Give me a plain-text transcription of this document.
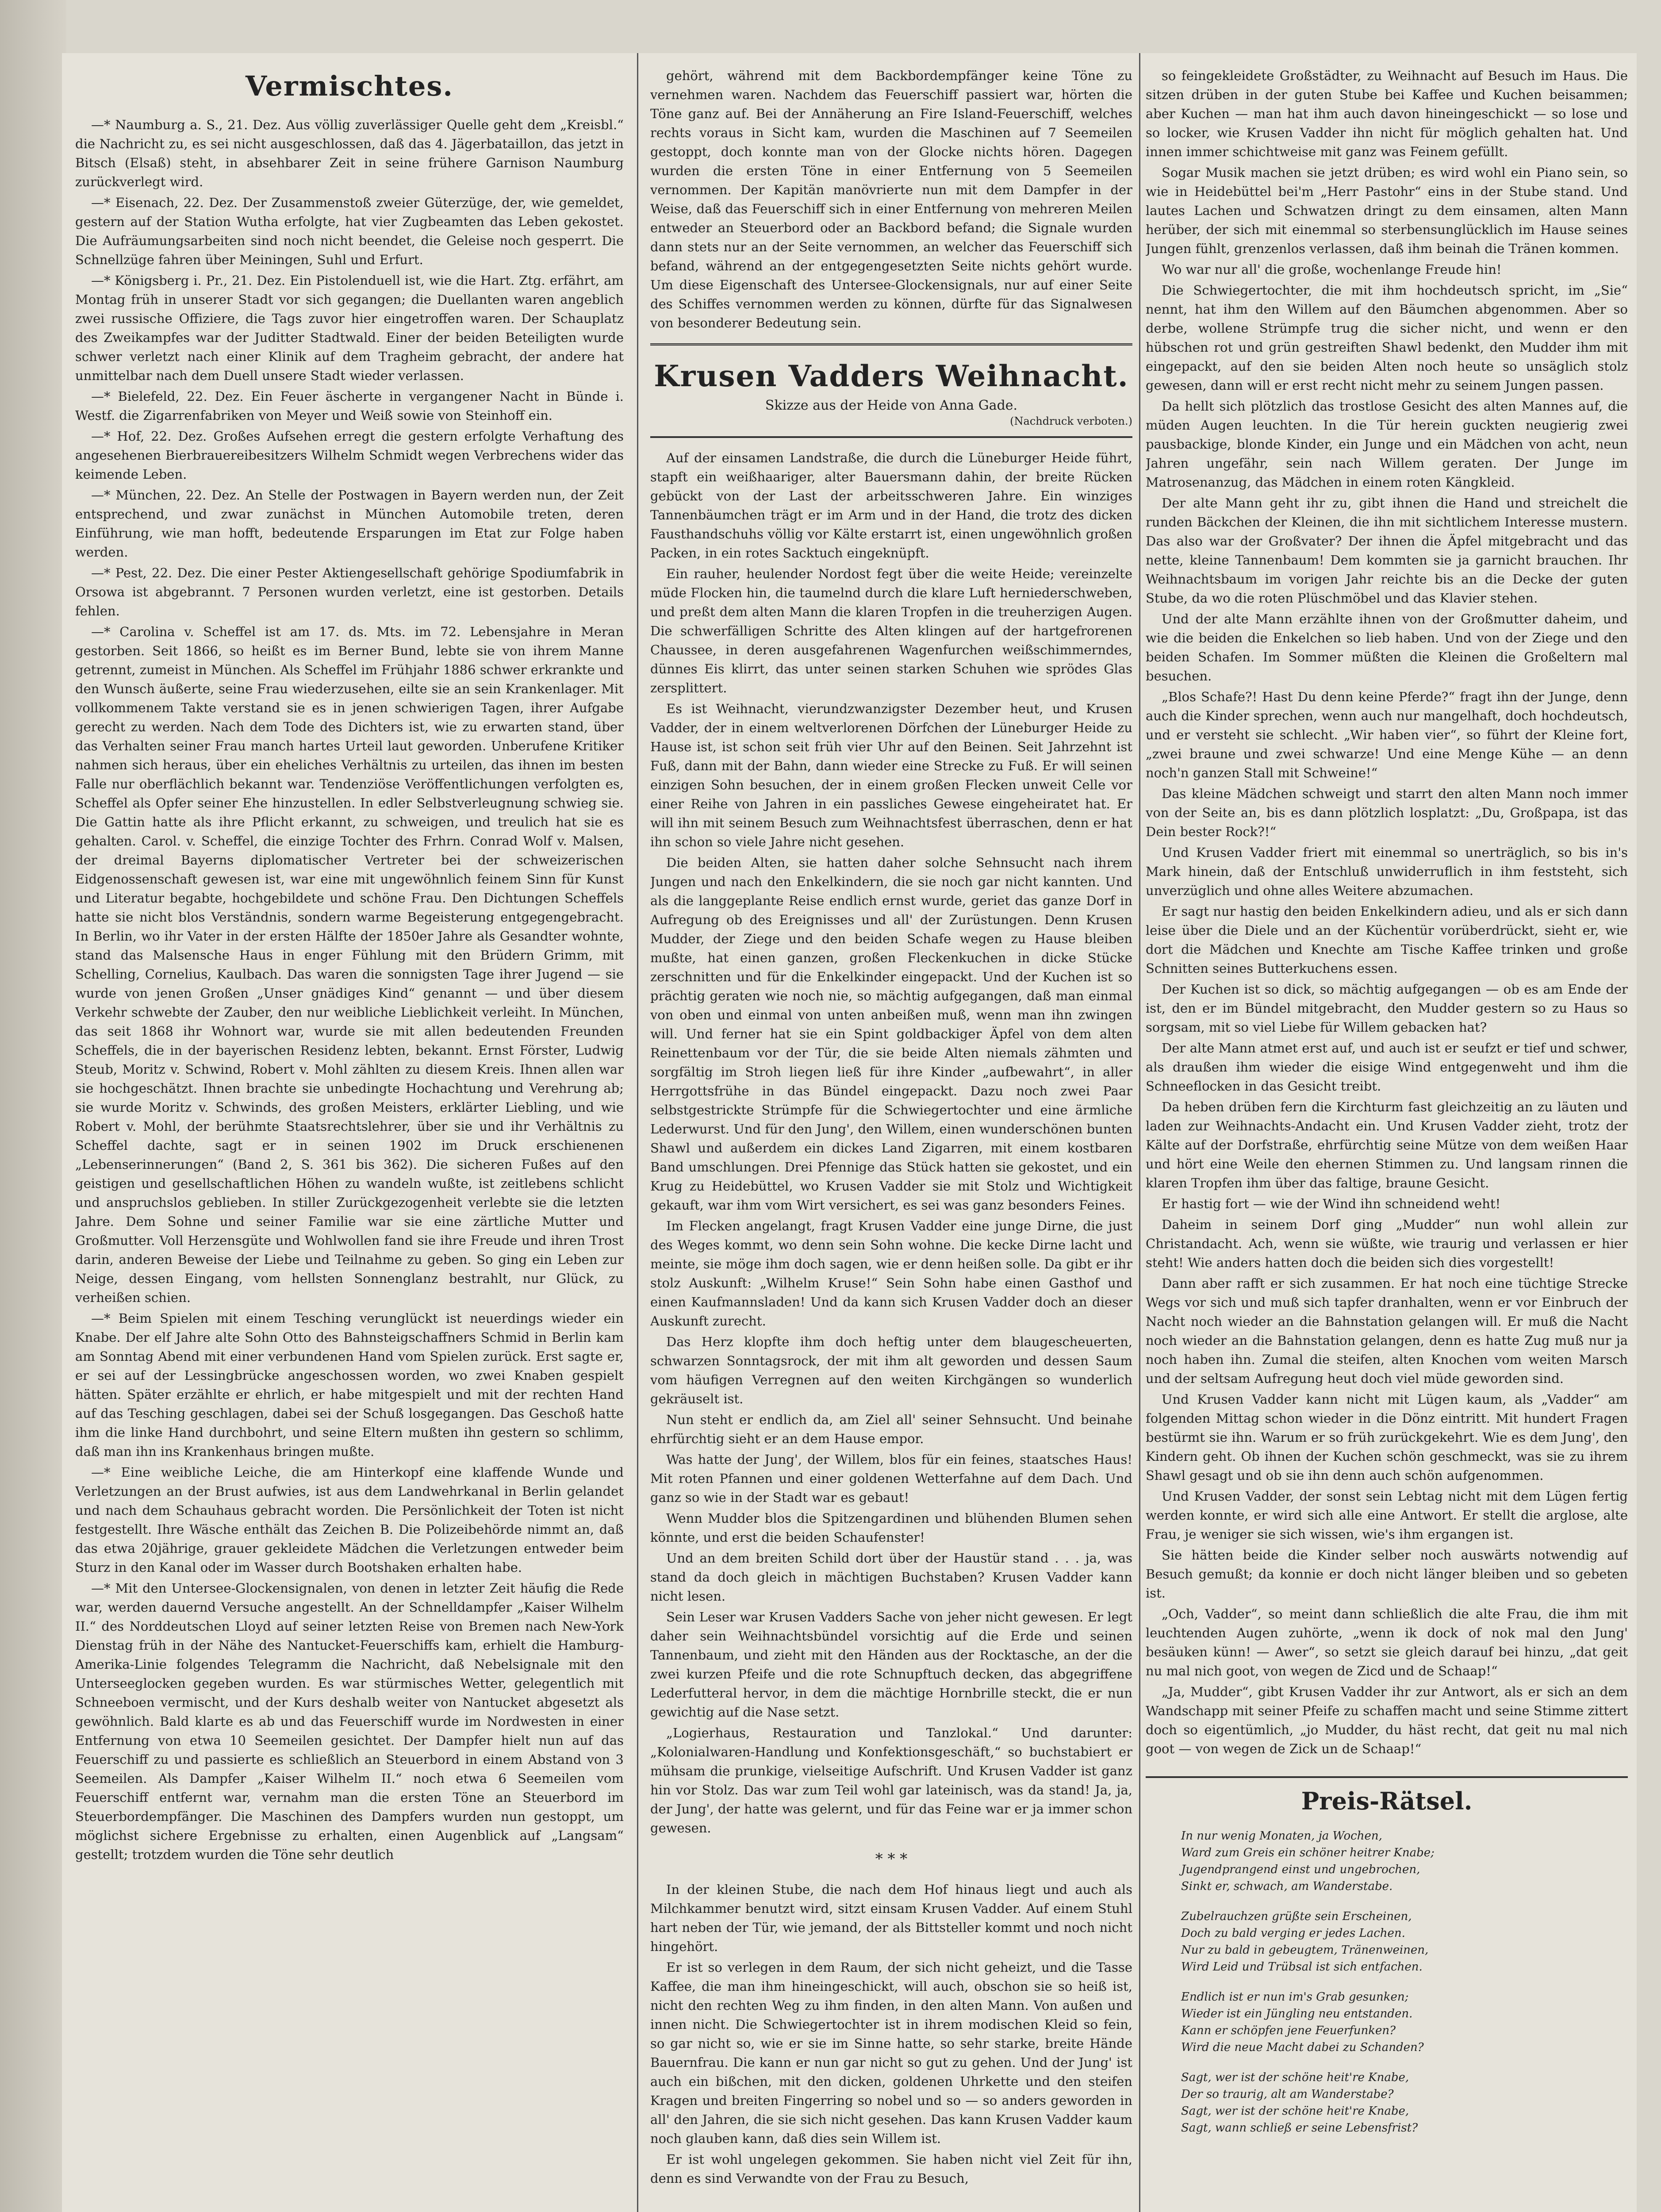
Vermischtes.

—* Naumburg a. S., 21. Dez. Aus völlig zuverlässiger Quelle geht dem „Kreisbl.“ die Nachricht zu, es sei nicht ausgeschlossen, daß das 4. Jägerbataillon, das jetzt in Bitsch (Elsaß) steht, in absehbarer Zeit in seine frühere Garnison Naumburg zurückverlegt wird.

—* Eisenach, 22. Dez. Der Zusammenstoß zweier Güterzüge, der, wie gemeldet, gestern auf der Station Wutha erfolgte, hat vier Zugbeamten das Leben gekostet. Die Aufräumungsarbeiten sind noch nicht beendet, die Geleise noch gesperrt. Die Schnellzüge fahren über Meiningen, Suhl und Erfurt.

—* Königsberg i. Pr., 21. Dez. Ein Pistolenduell ist, wie die Hart. Ztg. erfährt, am Montag früh in unserer Stadt vor sich gegangen; die Duellanten waren angeblich zwei russische Offiziere, die Tags zuvor hier eingetroffen waren. Der Schauplatz des Zweikampfes war der Juditter Stadtwald. Einer der beiden Beteiligten wurde schwer verletzt nach einer Klinik auf dem Tragheim gebracht, der andere hat unmittelbar nach dem Duell unsere Stadt wieder verlassen.

—* Bielefeld, 22. Dez. Ein Feuer äscherte in vergangener Nacht in Bünde i. Westf. die Zigarrenfabriken von Meyer und Weiß sowie von Steinhoff ein.

—* Hof, 22. Dez. Großes Aufsehen erregt die gestern erfolgte Verhaftung des angesehenen Bierbrauereibesitzers Wilhelm Schmidt wegen Verbrechens wider das keimende Leben.

—* München, 22. Dez. An Stelle der Postwagen in Bayern werden nun, der Zeit entsprechend, und zwar zunächst in München Automobile treten, deren Einführung, wie man hofft, bedeutende Ersparungen im Etat zur Folge haben werden.

—* Pest, 22. Dez. Die einer Pester Aktiengesellschaft gehörige Spodiumfabrik in Orsowa ist abgebrannt. 7 Personen wurden verletzt, eine ist gestorben. Details fehlen.

—* Carolina v. Scheffel ist am 17. ds. Mts. im 72. Lebensjahre in Meran gestorben. Seit 1866, so heißt es im Berner Bund, lebte sie von ihrem Manne getrennt, zumeist in München. Als Scheffel im Frühjahr 1886 schwer erkrankte und den Wunsch äußerte, seine Frau wiederzusehen, eilte sie an sein Krankenlager. Mit vollkommenem Takte verstand sie es in jenen schwierigen Tagen, ihrer Aufgabe gerecht zu werden. Nach dem Tode des Dichters ist, wie zu erwarten stand, über das Verhalten seiner Frau manch hartes Urteil laut geworden. Unberufene Kritiker nahmen sich heraus, über ein eheliches Verhältnis zu urteilen, das ihnen im besten Falle nur oberflächlich bekannt war. Tendenziöse Veröffentlichungen verfolgten es, Scheffel als Opfer seiner Ehe hinzustellen. In edler Selbstverleugnung schwieg sie. Die Gattin hatte als ihre Pflicht erkannt, zu schweigen, und treulich hat sie es gehalten. Carol. v. Scheffel, die einzige Tochter des Frhrn. Conrad Wolf v. Malsen, der dreimal Bayerns diplomatischer Vertreter bei der schweizerischen Eidgenossenschaft gewesen ist, war eine mit ungewöhnlich feinem Sinn für Kunst und Literatur begabte, hochgebildete und schöne Frau. Den Dichtungen Scheffels hatte sie nicht blos Verständnis, sondern warme Begeisterung entgegengebracht. In Berlin, wo ihr Vater in der ersten Hälfte der 1850er Jahre als Gesandter wohnte, stand das Malsensche Haus in enger Fühlung mit den Brüdern Grimm, mit Schelling, Cornelius, Kaulbach. Das waren die sonnigsten Tage ihrer Jugend — sie wurde von jenen Großen „Unser gnädiges Kind“ genannt — und über diesem Verkehr schwebte der Zauber, den nur weibliche Lieblichkeit verleiht. In München, das seit 1868 ihr Wohnort war, wurde sie mit allen bedeutenden Freunden Scheffels, die in der bayerischen Residenz lebten, bekannt. Ernst Förster, Ludwig Steub, Moritz v. Schwind, Robert v. Mohl zählten zu diesem Kreis. Ihnen allen war sie hochgeschätzt. Ihnen brachte sie unbedingte Hochachtung und Verehrung ab; sie wurde Moritz v. Schwinds, des großen Meisters, erklärter Liebling, und wie Robert v. Mohl, der berühmte Staatsrechtslehrer, über sie und ihr Verhältnis zu Scheffel dachte, sagt er in seinen 1902 im Druck erschienenen „Lebenserinnerungen“ (Band 2, S. 361 bis 362). Die sicheren Fußes auf den geistigen und gesellschaftlichen Höhen zu wandeln wußte, ist zeitlebens schlicht und anspruchslos geblieben. In stiller Zurückgezogenheit verlebte sie die letzten Jahre. Dem Sohne und seiner Familie war sie eine zärtliche Mutter und Großmutter. Voll Herzensgüte und Wohlwollen fand sie ihre Freude und ihren Trost darin, anderen Beweise der Liebe und Teilnahme zu geben. So ging ein Leben zur Neige, dessen Eingang, vom hellsten Sonnenglanz bestrahlt, nur Glück, zu verheißen schien.

—* Beim Spielen mit einem Tesching verunglückt ist neuerdings wieder ein Knabe. Der elf Jahre alte Sohn Otto des Bahnsteigschaffners Schmid in Berlin kam am Sonntag Abend mit einer verbundenen Hand vom Spielen zurück. Erst sagte er, er sei auf der Lessingbrücke angeschossen worden, wo zwei Knaben gespielt hätten. Später erzählte er ehrlich, er habe mitgespielt und mit der rechten Hand auf das Tesching geschlagen, dabei sei der Schuß losgegangen. Das Geschoß hatte ihm die linke Hand durchbohrt, und seine Eltern mußten ihn gestern so schlimm, daß man ihn ins Krankenhaus bringen mußte.

—* Eine weibliche Leiche, die am Hinterkopf eine klaffende Wunde und Verletzungen an der Brust aufwies, ist aus dem Landwehrkanal in Berlin gelandet und nach dem Schauhaus gebracht worden. Die Persönlichkeit der Toten ist nicht festgestellt. Ihre Wäsche enthält das Zeichen B. Die Polizeibehörde nimmt an, daß das etwa 20jährige, grauer gekleidete Mädchen die Verletzungen entweder beim Sturz in den Kanal oder im Wasser durch Bootshaken erhalten habe.

—* Mit den Untersee-Glockensignalen, von denen in letzter Zeit häufig die Rede war, werden dauernd Versuche angestellt. An der Schnelldampfer „Kaiser Wilhelm II.“ des Norddeutschen Lloyd auf seiner letzten Reise von Bremen nach New-York Dienstag früh in der Nähe des Nantucket-Feuerschiffs kam, erhielt die Hamburg-Amerika-Linie folgendes Telegramm die Nachricht, daß Nebelsignale mit den Unterseeglocken gegeben wurden. Es war stürmisches Wetter, gelegentlich mit Schneeboen vermischt, und der Kurs deshalb weiter von Nantucket abgesetzt als gewöhnlich. Bald klarte es ab und das Feuerschiff wurde im Nordwesten in einer Entfernung von etwa 10 Seemeilen gesichtet. Der Dampfer hielt nun auf das Feuerschiff zu und passierte es schließlich an Steuerbord in einem Abstand von 3 Seemeilen. Als Dampfer „Kaiser Wilhelm II.“ noch etwa 6 Seemeilen vom Feuerschiff entfernt war, vernahm man die ersten Töne an Steuerbord im Steuerbordempfänger. Die Maschinen des Dampfers wurden nun gestoppt, um möglichst sichere Ergebnisse zu erhalten, einen Augenblick auf „Langsam“ gestellt; trotzdem wurden die Töne sehr deutlich

gehört, während mit dem Backbordempfänger keine Töne zu vernehmen waren. Nachdem das Feuerschiff passiert war, hörten die Töne ganz auf. Bei der Annäherung an Fire Island-Feuerschiff, welches rechts voraus in Sicht kam, wurden die Maschinen auf 7 Seemeilen gestoppt, doch konnte man von der Glocke nichts hören. Dagegen wurden die ersten Töne in einer Entfernung von 5 Seemeilen vernommen. Der Kapitän manövrierte nun mit dem Dampfer in der Weise, daß das Feuerschiff sich in einer Entfernung von mehreren Meilen entweder an Steuerbord oder an Backbord befand; die Signale wurden dann stets nur an der Seite vernommen, an welcher das Feuerschiff sich befand, während an der entgegengesetzten Seite nichts gehört wurde. Um diese Eigenschaft des Untersee-Glockensignals, nur auf einer Seite des Schiffes vernommen werden zu können, dürfte für das Signalwesen von besonderer Bedeutung sein.

Krusen Vadders Weihnacht.
Skizze aus der Heide von Anna Gade.
(Nachdruck verboten.)

Auf der einsamen Landstraße, die durch die Lüneburger Heide führt, stapft ein weißhaariger, alter Bauersmann dahin, der breite Rücken gebückt von der Last der arbeitsschweren Jahre. Ein winziges Tannenbäumchen trägt er im Arm und in der Hand, die trotz des dicken Fausthandschuhs völlig vor Kälte erstarrt ist, einen ungewöhnlich großen Packen, in ein rotes Sacktuch eingeknüpft.

Ein rauher, heulender Nordost fegt über die weite Heide; vereinzelte müde Flocken hin, die taumelnd durch die klare Luft herniederschweben, und preßt dem alten Mann die klaren Tropfen in die treuherzigen Augen. Die schwerfälligen Schritte des Alten klingen auf der hartgefrorenen Chaussee, in deren ausgefahrenen Wagenfurchen weißschimmerndes, dünnes Eis klirrt, das unter seinen starken Schuhen wie sprödes Glas zersplittert.

Es ist Weihnacht, vierundzwanzigster Dezember heut, und Krusen Vadder, der in einem weltverlorenen Dörfchen der Lüneburger Heide zu Hause ist, ist schon seit früh vier Uhr auf den Beinen. Seit Jahrzehnt ist Fuß, dann mit der Bahn, dann wieder eine Strecke zu Fuß. Er will seinen einzigen Sohn besuchen, der in einem großen Flecken unweit Celle vor einer Reihe von Jahren in ein passliches Gewese eingeheiratet hat. Er will ihn mit seinem Besuch zum Weihnachtsfest überraschen, denn er hat ihn schon so viele Jahre nicht gesehen.

Die beiden Alten, sie hatten daher solche Sehnsucht nach ihrem Jungen und nach den Enkelkindern, die sie noch gar nicht kannten. Und als die langgeplante Reise endlich ernst wurde, geriet das ganze Dorf in Aufregung ob des Ereignisses und all' der Zurüstungen. Denn Krusen Mudder, der Ziege und den beiden Schafe wegen zu Hause bleiben mußte, hat einen ganzen, großen Fleckenkuchen in dicke Stücke zerschnitten und für die Enkelkinder eingepackt. Und der Kuchen ist so prächtig geraten wie noch nie, so mächtig aufgegangen, daß man einmal von oben und einmal von unten anbeißen muß, wenn man ihn zwingen will. Und ferner hat sie ein Spint goldbackiger Äpfel von dem alten Reinettenbaum vor der Tür, die sie beide Alten niemals zähmten und sorgfältig im Stroh liegen ließ für ihre Kinder „aufbewahrt“, in aller Herrgottsfrühe in das Bündel eingepackt. Dazu noch zwei Paar selbstgestrickte Strümpfe für die Schwiegertochter und eine ärmliche Lederwurst. Und für den Jung', den Willem, einen wunderschönen bunten Shawl und außerdem ein dickes Land Zigarren, mit einem kostbaren Band umschlungen. Drei Pfennige das Stück hatten sie gekostet, und ein Krug zu Heidebüttel, wo Krusen Vadder sie mit Stolz und Wichtigkeit gekauft, war ihm vom Wirt versichert, es sei was ganz besonders Feines.

Im Flecken angelangt, fragt Krusen Vadder eine junge Dirne, die just des Weges kommt, wo denn sein Sohn wohne. Die kecke Dirne lacht und meinte, sie möge ihm doch sagen, wie er denn heißen solle. Da gibt er ihr stolz Auskunft: „Wilhelm Kruse!“ Sein Sohn habe einen Gasthof und einen Kaufmannsladen! Und da kann sich Krusen Vadder doch an dieser Auskunft zurecht.

Das Herz klopfte ihm doch heftig unter dem blaugescheuerten, schwarzen Sonntagsrock, der mit ihm alt geworden und dessen Saum vom häufigen Verregnen auf den weiten Kirchgängen so wunderlich gekräuselt ist.

Nun steht er endlich da, am Ziel all' seiner Sehnsucht. Und beinahe ehrfürchtig sieht er an dem Hause empor.

Was hatte der Jung', der Willem, blos für ein feines, staatsches Haus! Mit roten Pfannen und einer goldenen Wetterfahne auf dem Dach. Und ganz so wie in der Stadt war es gebaut!

Wenn Mudder blos die Spitzengardinen und blühenden Blumen sehen könnte, und erst die beiden Schaufenster!

Und an dem breiten Schild dort über der Haustür stand . . . ja, was stand da doch gleich in mächtigen Buchstaben? Krusen Vadder kann nicht lesen.

Sein Leser war Krusen Vadders Sache von jeher nicht gewesen. Er legt daher sein Weihnachtsbündel vorsichtig auf die Erde und seinen Tannenbaum, und zieht mit den Händen aus der Rocktasche, an der die zwei kurzen Pfeife und die rote Schnupftuch decken, das abgegriffene Lederfutteral hervor, in dem die mächtige Hornbrille steckt, die er nun gewichtig auf die Nase setzt.

„Logierhaus, Restauration und Tanzlokal.“ Und darunter: „Kolonialwaren-Handlung und Konfektionsgeschäft,“ so buchstabiert er mühsam die prunkige, vielseitige Aufschrift. Und Krusen Vadder ist ganz hin vor Stolz. Das war zum Teil wohl gar lateinisch, was da stand! Ja, ja, der Jung', der hatte was gelernt, und für das Feine war er ja immer schon gewesen.

* * *

In der kleinen Stube, die nach dem Hof hinaus liegt und auch als Milchkammer benutzt wird, sitzt einsam Krusen Vadder. Auf einem Stuhl hart neben der Tür, wie jemand, der als Bittsteller kommt und noch nicht hingehört.

Er ist so verlegen in dem Raum, der sich nicht geheizt, und die Tasse Kaffee, die man ihm hineingeschickt, will auch, obschon sie so heiß ist, nicht den rechten Weg zu ihm finden, in den alten Mann. Von außen und innen nicht. Die Schwiegertochter ist in ihrem modischen Kleid so fein, so gar nicht so, wie er sie im Sinne hatte, so sehr starke, breite Hände Bauernfrau. Die kann er nun gar nicht so gut zu gehen. Und der Jung' ist auch ein bißchen, mit den dicken, goldenen Uhrkette und den steifen Kragen und breiten Fingerring so nobel und so — so anders geworden in all' den Jahren, die sie sich nicht gesehen. Das kann Krusen Vadder kaum noch glauben kann, daß dies sein Willem ist.

Er ist wohl ungelegen gekommen. Sie haben nicht viel Zeit für ihn, denn es sind Verwandte von der Frau zu Besuch,

so feingekleidete Großstädter, zu Weihnacht auf Besuch im Haus. Die sitzen drüben in der guten Stube bei Kaffee und Kuchen beisammen; aber Kuchen — man hat ihm auch davon hineingeschickt — so lose und so locker, wie Krusen Vadder ihn nicht für möglich gehalten hat. Und innen immer schichtweise mit ganz was Feinem gefüllt.

Sogar Musik machen sie jetzt drüben; es wird wohl ein Piano sein, so wie in Heidebüttel bei'm „Herr Pastohr“ eins in der Stube stand. Und lautes Lachen und Schwatzen dringt zu dem einsamen, alten Mann herüber, der sich mit einemmal so sterbensunglücklich im Hause seines Jungen fühlt, grenzenlos verlassen, daß ihm beinah die Tränen kommen.

Wo war nur all' die große, wochenlange Freude hin!

Die Schwiegertochter, die mit ihm hochdeutsch spricht, im „Sie“ nennt, hat ihm den Willem auf den Bäumchen abgenommen. Aber so derbe, wollene Strümpfe trug die sicher nicht, und wenn er den hübschen rot und grün gestreiften Shawl bedenkt, den Mudder ihm mit eingepackt, auf den sie beiden Alten noch heute so unsäglich stolz gewesen, dann will er erst recht nicht mehr zu seinem Jungen passen.

Da hellt sich plötzlich das trostlose Gesicht des alten Mannes auf, die müden Augen leuchten. In die Tür herein guckten neugierig zwei pausbackige, blonde Kinder, ein Junge und ein Mädchen von acht, neun Jahren ungefähr, sein nach Willem geraten. Der Junge im Matrosenanzug, das Mädchen in einem roten Kängkleid.

Der alte Mann geht ihr zu, gibt ihnen die Hand und streichelt die runden Bäckchen der Kleinen, die ihn mit sichtlichem Interesse mustern. Das also war der Großvater? Der ihnen die Äpfel mitgebracht und das nette, kleine Tannenbaum! Dem kommten sie ja garnicht brauchen. Ihr Weihnachtsbaum im vorigen Jahr reichte bis an die Decke der guten Stube, da wo die roten Plüschmöbel und das Klavier stehen.

Und der alte Mann erzählte ihnen von der Großmutter daheim, und wie die beiden die Enkelchen so lieb haben. Und von der Ziege und den beiden Schafen. Im Sommer müßten die Kleinen die Großeltern mal besuchen.

„Blos Schafe?! Hast Du denn keine Pferde?“ fragt ihn der Junge, denn auch die Kinder sprechen, wenn auch nur mangelhaft, doch hochdeutsch, und er versteht sie schlecht. „Wir haben vier“, so führt der Kleine fort, „zwei braune und zwei schwarze! Und eine Menge Kühe — an denn noch'n ganzen Stall mit Schweine!“

Das kleine Mädchen schweigt und starrt den alten Mann noch immer von der Seite an, bis es dann plötzlich losplatzt: „Du, Großpapa, ist das Dein bester Rock?!“

Und Krusen Vadder friert mit einemmal so unerträglich, so bis in's Mark hinein, daß der Entschluß unwiderruflich in ihm feststeht, sich unverzüglich und ohne alles Weitere abzumachen.

Er sagt nur hastig den beiden Enkelkindern adieu, und als er sich dann leise über die Diele und an der Küchentür vorüberdrückt, sieht er, wie dort die Mädchen und Knechte am Tische Kaffee trinken und große Schnitten seines Butterkuchens essen.

Der Kuchen ist so dick, so mächtig aufgegangen — ob es am Ende der ist, den er im Bündel mitgebracht, den Mudder gestern so zu Haus so sorgsam, mit so viel Liebe für Willem gebacken hat?

Der alte Mann atmet erst auf, und auch ist er seufzt er tief und schwer, als draußen ihm wieder die eisige Wind entgegenweht und ihm die Schneeflocken in das Gesicht treibt.

Da heben drüben fern die Kirchturm fast gleichzeitig an zu läuten und laden zur Weihnachts-Andacht ein. Und Krusen Vadder zieht, trotz der Kälte auf der Dorfstraße, ehrfürchtig seine Mütze von dem weißen Haar und hört eine Weile den ehernen Stimmen zu. Und langsam rinnen die klaren Tropfen ihm über das faltige, braune Gesicht.

Er hastig fort — wie der Wind ihn schneidend weht!

Daheim in seinem Dorf ging „Mudder“ nun wohl allein zur Christandacht. Ach, wenn sie wüßte, wie traurig und verlassen er hier steht! Wie anders hatten doch die beiden sich dies vorgestellt!

Dann aber rafft er sich zusammen. Er hat noch eine tüchtige Strecke Wegs vor sich und muß sich tapfer dranhalten, wenn er vor Einbruch der Nacht noch wieder an die Bahnstation gelangen will. Er muß die Nacht noch wieder an die Bahnstation gelangen, denn es hatte Zug muß nur ja noch haben ihn. Zumal die steifen, alten Knochen vom weiten Marsch und der seltsam Aufregung heut doch viel müde geworden sind.

Und Krusen Vadder kann nicht mit Lügen kaum, als „Vadder“ am folgenden Mittag schon wieder in die Dönz eintritt. Mit hundert Fragen bestürmt sie ihn. Warum er so früh zurückgekehrt. Wie es dem Jung', den Kindern geht. Ob ihnen der Kuchen schön geschmeckt, was sie zu ihrem Shawl gesagt und ob sie ihn denn auch schön aufgenommen.

Und Krusen Vadder, der sonst sein Lebtag nicht mit dem Lügen fertig werden konnte, er wird sich alle eine Antwort. Er stellt die arglose, alte Frau, je weniger sie sich wissen, wie's ihm ergangen ist.

Sie hätten beide die Kinder selber noch auswärts notwendig auf Besuch gemußt; da konnie er doch nicht länger bleiben und so gebeten ist.

„Och, Vadder“, so meint dann schließlich die alte Frau, die ihm mit leuchtenden Augen zuhörte, „wenn ik dock of nok mal den Jung' besäuken künn! — Awer“, so setzt sie gleich darauf bei hinzu, „dat geit nu mal nich goot, von wegen de Zicd und de Schaap!“

„Ja, Mudder“, gibt Krusen Vadder ihr zur Antwort, als er sich an dem Wandschapp mit seiner Pfeife zu schaffen macht und seine Stimme zittert doch so eigentümlich, „jo Mudder, du häst recht, dat geit nu mal nich goot — von wegen de Zick un de Schaap!“

Preis-Rätsel.
In nur wenig Monaten, ja Wochen,
Ward zum Greis ein schöner heitrer Knabe;
Jugendprangend einst und ungebrochen,
Sinkt er, schwach, am Wanderstabe.
Zubelrauchzen grüßte sein Erscheinen,
Doch zu bald verging er jedes Lachen.
Nur zu bald in gebeugtem, Tränenweinen,
Wird Leid und Trübsal ist sich entfachen.
Endlich ist er nun im's Grab gesunken;
Wieder ist ein Jüngling neu entstanden.
Kann er schöpfen jene Feuerfunken?
Wird die neue Macht dabei zu Schanden?
Sagt, wer ist der schöne heit're Knabe,
Der so traurig, alt am Wanderstabe?
Sagt, wer ist der schöne heit're Knabe,
Sagt, wann schließ er seine Lebensfrist?
